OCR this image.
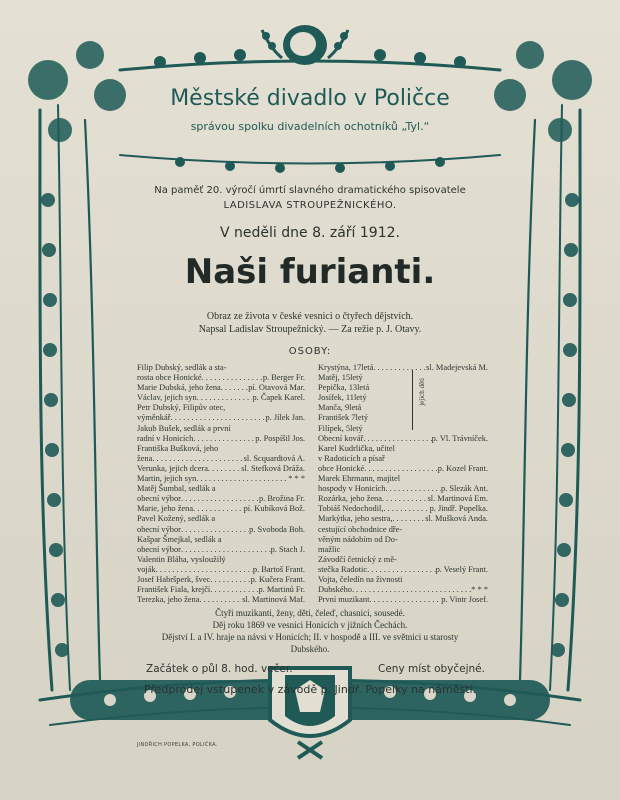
Městské divadlo v Poličce
správou spolku divadelních ochotníků „Tyl.“
Na paměť 20. výročí úmrtí slavného dramatického spisovatele
LADISLAVA STROUPEŽNICKÉHO.
V neděli dne 8. září 1912.
Naši furianti.
Obraz ze života v české vesnici o čtyřech dějstvích.
Napsal Ladislav Stroupežnický. — Za režie p. J. Otavy.
OSOBY:
Filip Dubský, sedlák a sta-
rosta obce Honické . . .	p. Berger Fr.
Marie Dubská, jeho žena . . .	pí. Otavová Mar.
Václav, jejich syn . . .	p. Čapek Karel.
Petr Dubský, Filipův otec,
výměnkář . . .	p. Jílek Jan.
Jakub Bušek, sedlák a první
radní v Honicích . . .	p. Pospíšil Jos.
Františka Bušková, jeho
žena . . .	sl. Scquardtová A.
Verunka, jejich dcera . . .	sl. Stefková Dráža.
Martin, jejich syn . . .	* * *
Matěj Šumbal, sedlák a
obecní výbor . . .	p. Brožina Fr.
Marie, jeho žena . . .	pí. Kubíková Bož.
Pavel Kožený, sedlák a
obecní výbor . . .	p. Svoboda Boh.
Kašpar Šmejkal, sedlák a
obecní výbor . . .	p. Stach J.
Valentin Bláha, vysloužilý
voják . . .	p. Bartoš Frant.
Josef Habršperk, švec . . .	p. Kučera Frant.
František Fiala, krejčí . . .	p. Martinů Fr.
Terezka, jeho žena . . .	sl. Martinová Maf.
Krystýna, 17letá . . .	sl. Madejevská M.
Matěj, 15letý
Pepička, 13letá
Josífek, 11letý
Manča, 9letá
František 7letý
Filípek, 5letý
Obecní kovář . . .	p. Vl. Trávníček.
Karel Kudrlička, učitel
v Radoticích a písař
obce Honické . . .	p. Kozel Frant.
Marek Ehrmann, majitel
hospody v Honicích . . .	p. Slezák Ant.
Rozárka, jeho žena . . .	sl. Martinová Em.
Tobiáš Nedochodil, . . .	p. Jindř. Popelka.
Markýtka, jeho sestra, . . .	sl. Mušková Anda.
cestující obchodnice dře-
věným nádobím od Do-
mažlic
Závodčí četnický z mě-
stečka Radotic . . .	p. Veselý Frant.
Vojta, čeledín na živnosti
Dubského . . .	* * *
První muzikant . . .	p. Vintr Josef.
jejich děti
Čtyři muzikanti, ženy, děti, čeleď, chasnici, sousedé.
Děj roku 1869 ve vesnici Honicích v jižních Čechách.
Dějství I. a IV. hraje na návsi v Honicích; II. v hospodě a III. ve světnici u starosty
Dubského.
Začátek o půl 8. hod. večer.	Ceny míst obyčejné.
Předprodej vstupenek v závodě p. Jindř. Popelky na náměstí.
JINDŘICH POPELKA, POLIČKA.
